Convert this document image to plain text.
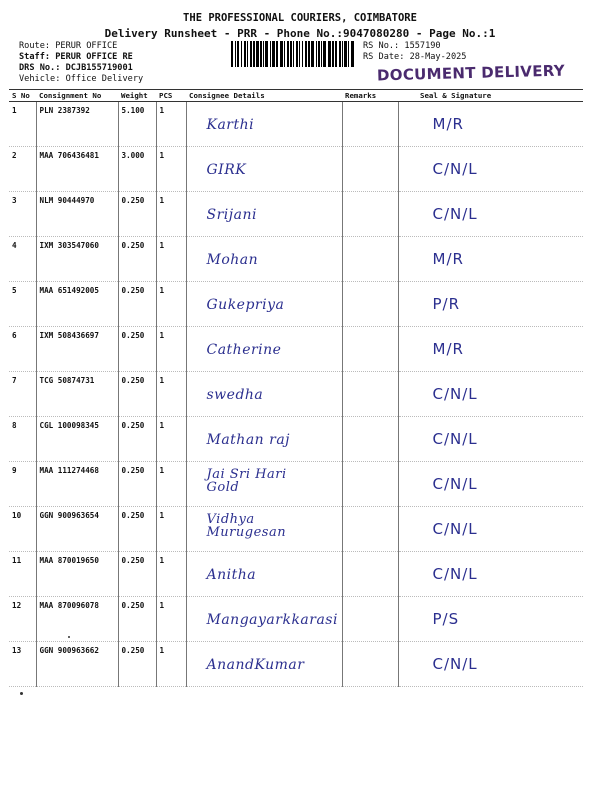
THE PROFESSIONAL COURIERS, COIMBATORE
Delivery Runsheet - PRR - Phone No.:9047080280 - Page No.:1
Route: PERUR OFFICE
Staff: PERUR OFFICE RE
DRS No.: DCJB155719001
Vehicle: Office Delivery
RS No.: 1557190
RS Date: 28-May-2025
DOCUMENT DELIVERY
S No	Consignment No	Weight	PCS	Consignee Details	Remarks	Seal & Signature
1	PLN 2387392	5.100	1	Karthi		M/R

2	MAA 706436481	3.000	1	GIRK		C/N/L

3	NLM 90444970	0.250	1	Srijani		C/N/L

4	IXM 303547060	0.250	1	Mohan		M/R

5	MAA 651492005	0.250	1	Gukepriya		P/R

6	IXM 508436697	0.250	1	Catherine		M/R

7	TCG 50874731	0.250	1	swedha		C/N/L

8	CGL 100098345	0.250	1	Mathan raj		C/N/L

9	MAA 111274468	0.250	1	Jai Sri Hari
Gold		C/N/L

10	GGN 900963654	0.250	1	Vidhya
Murugesan		C/N/L

11	MAA 870019650	0.250	1	Anitha		C/N/L

12	MAA 870096078	0.250	1	Mangayarkkarasi		P/S

13	GGN 900963662	0.250	1	AnandKumar		C/N/L
